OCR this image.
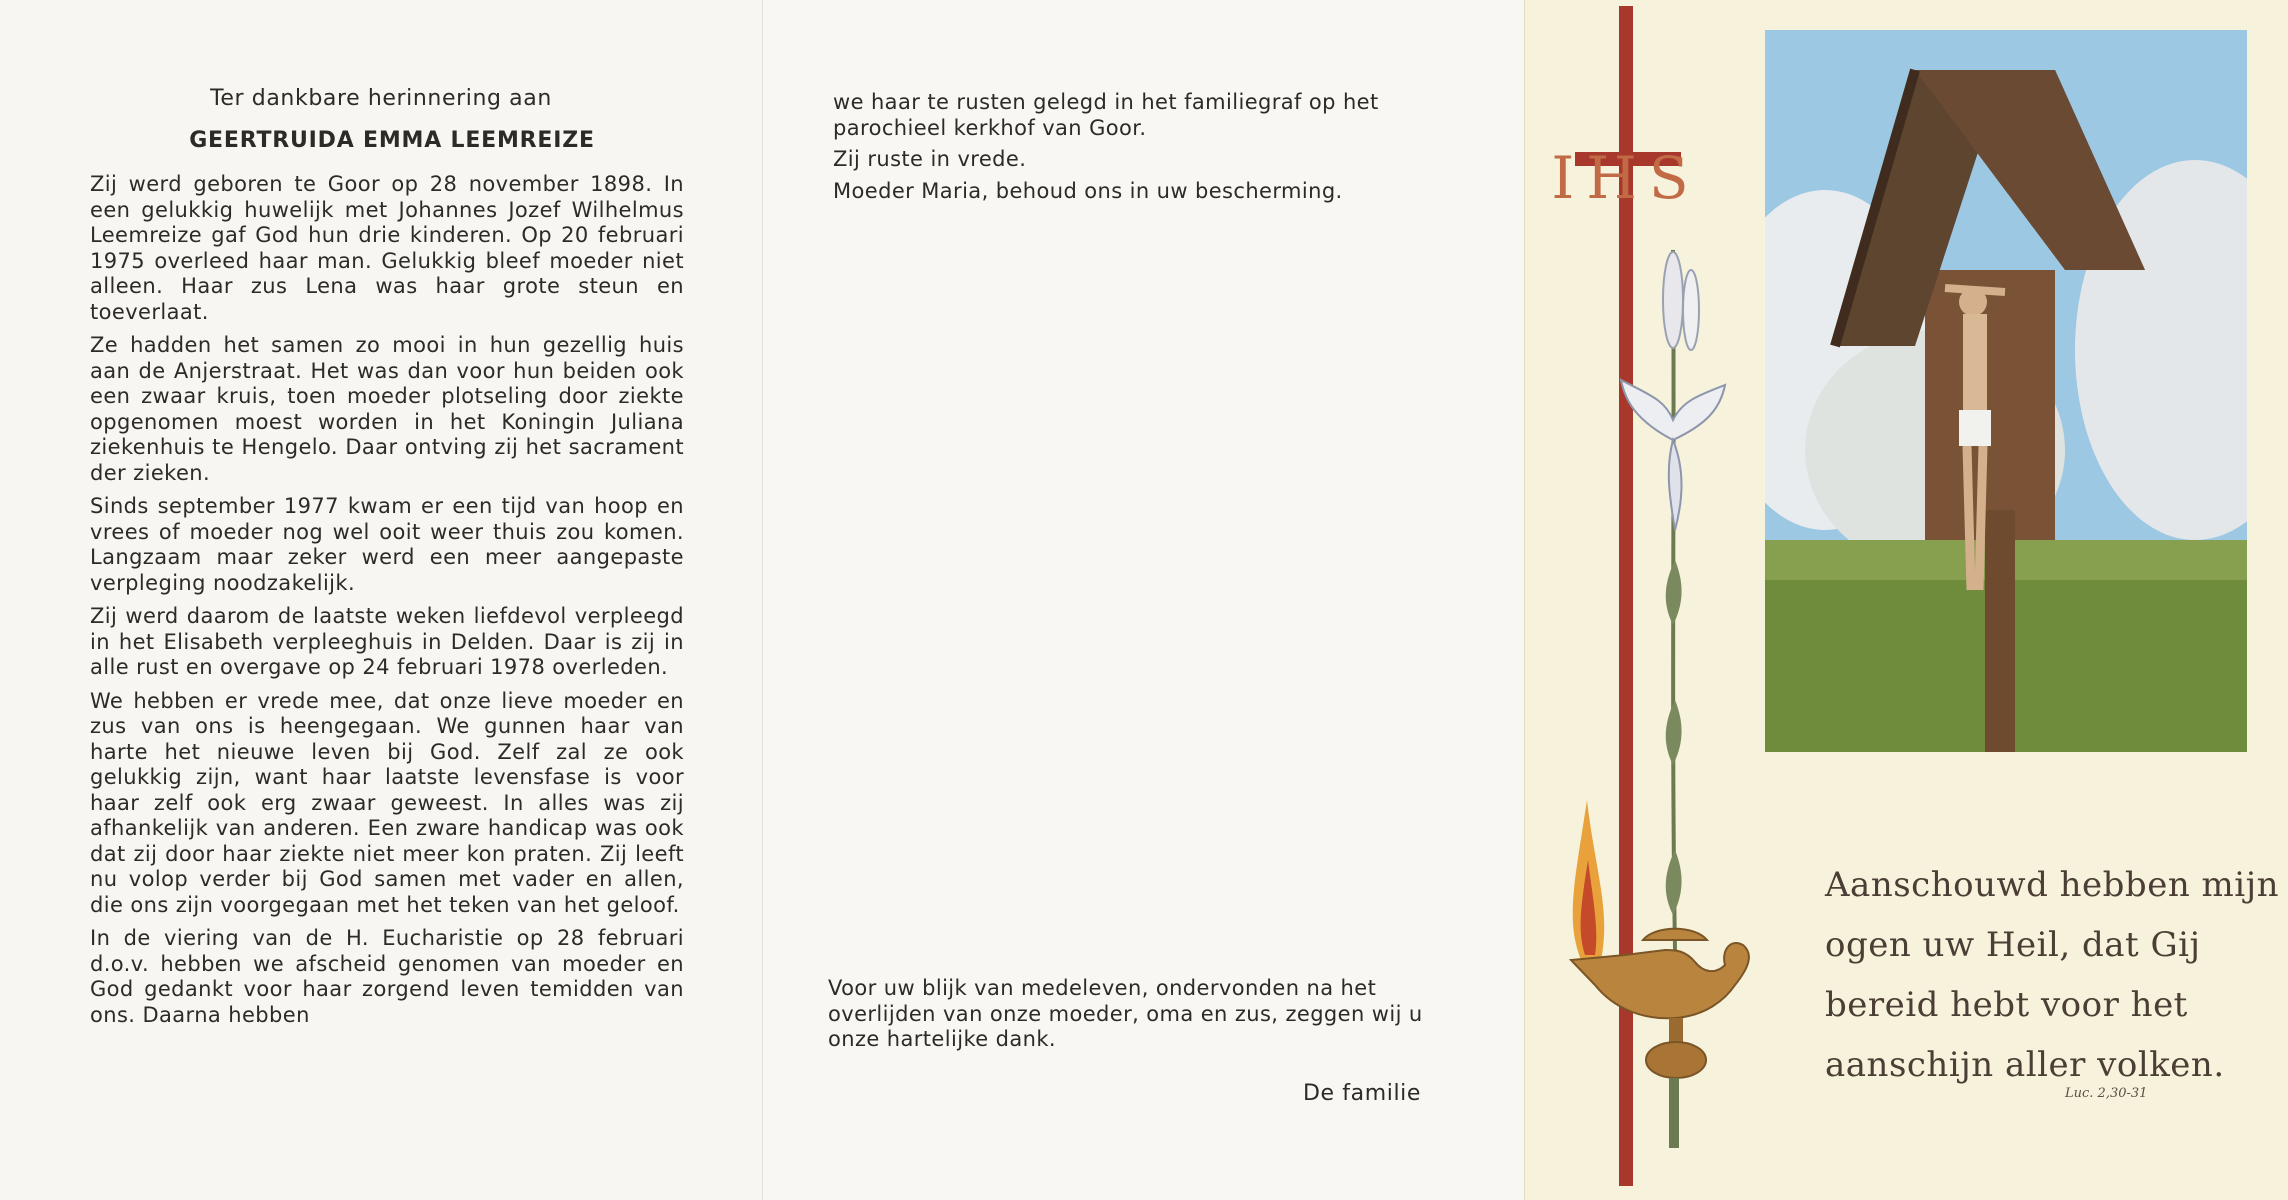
Ter dankbare herinnering aan
GEERTRUIDA EMMA LEEMREIZE

Zij werd geboren te Goor op 28 november 1898. In een gelukkig huwelijk met Johannes Jozef Wilhelmus Leemreize gaf God hun drie kinderen. Op 20 februari 1975 overleed haar man. Gelukkig bleef moeder niet alleen. Haar zus Lena was haar grote steun en toeverlaat.

Ze hadden het samen zo mooi in hun gezellig huis aan de Anjerstraat. Het was dan voor hun beiden ook een zwaar kruis, toen moeder plotseling door ziekte opgenomen moest worden in het Koningin Juliana ziekenhuis te Hengelo. Daar ontving zij het sacrament der zieken.

Sinds september 1977 kwam er een tijd van hoop en vrees of moeder nog wel ooit weer thuis zou komen. Langzaam maar zeker werd een meer aangepaste verpleging noodzakelijk.

Zij werd daarom de laatste weken liefdevol verpleegd in het Elisabeth verpleeghuis in Delden. Daar is zij in alle rust en overgave op 24 februari 1978 overleden.

We hebben er vrede mee, dat onze lieve moeder en zus van ons is heengegaan. We gunnen haar van harte het nieuwe leven bij God. Zelf zal ze ook gelukkig zijn, want haar laatste levensfase is voor haar zelf ook erg zwaar geweest. In alles was zij afhankelijk van anderen. Een zware handicap was ook dat zij door haar ziekte niet meer kon praten. Zij leeft nu volop verder bij God samen met vader en allen, die ons zijn voorgegaan met het teken van het geloof.

In de viering van de H. Eucharistie op 28 februari d.o.v. hebben we afscheid genomen van moeder en God gedankt voor haar zorgend leven temidden van ons. Daarna hebben

we haar te rusten gelegd in het familiegraf op het parochieel kerkhof van Goor.

Zij ruste in vrede.

Moeder Maria, behoud ons in uw bescherming.

Voor uw blijk van medeleven, ondervonden na het overlijden van onze moeder, oma en zus, zeggen wij u onze hartelijke dank.

De familie
IHS
Aanschouwd hebben mijn
ogen uw Heil, dat Gij
bereid hebt voor het
aanschijn aller volken.
Luc. 2,30-31
